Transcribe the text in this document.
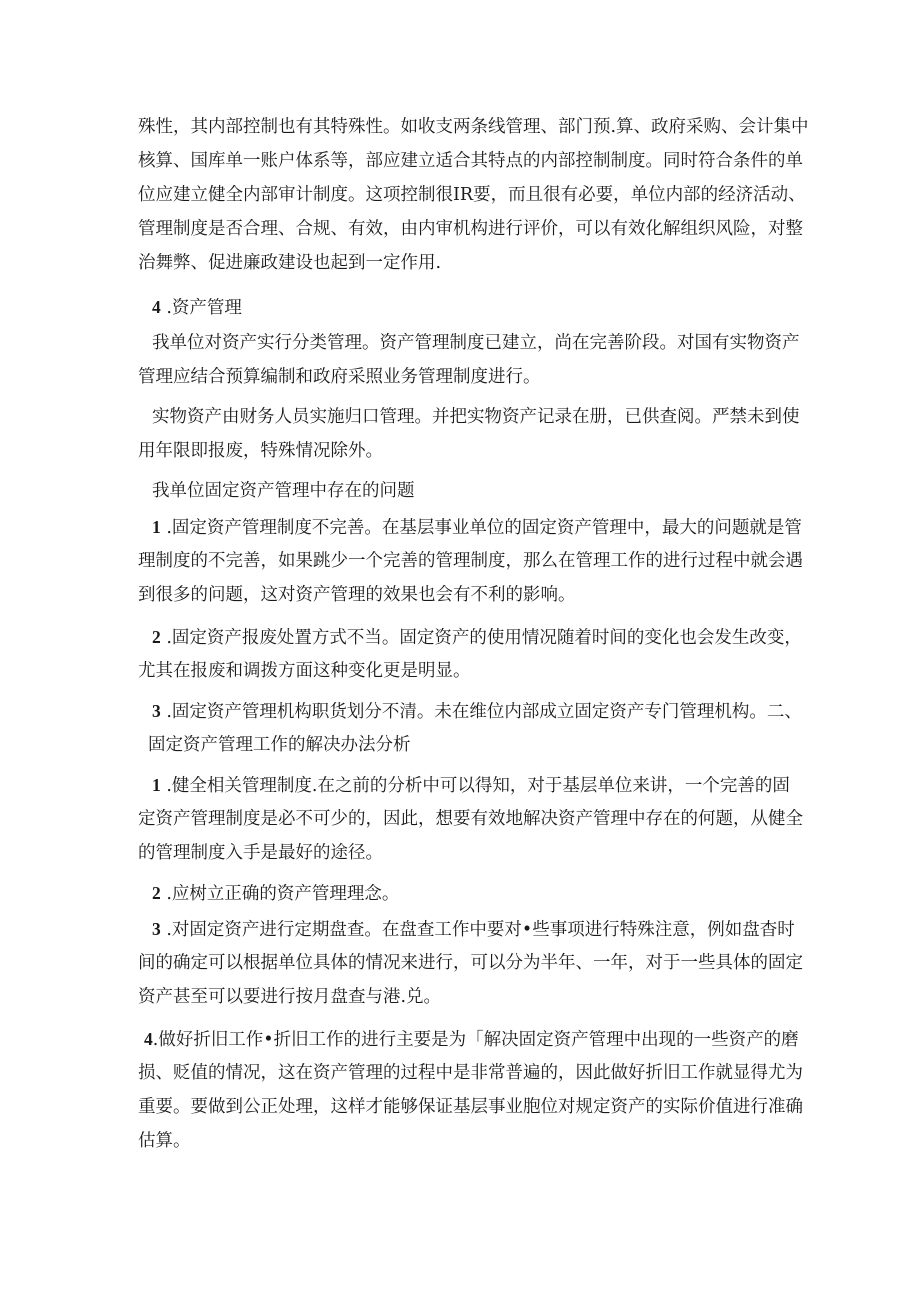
殊性，其内部控制也有其特殊性。如收支两条线管理、部门预.算、政府采购、会计集中
核算、国库单一账户体系等，部应建立适合其特点的内部控制制度。同时符合条件的单
位应建立健全内部审计制度。这项控制很IR要，而且很有必要，单位内部的经济活动、
管理制度是否合理、合规、有效，由内审机构进行评价，可以有效化解组织风险，对整
治舞弊、促进廉政建设也起到一定作用.
4 .资产管理
我单位对资产实行分类管理。资产管理制度已建立，尚在完善阶段。对国有实物资产
管理应结合预算编制和政府采照业务管理制度进行。
实物资产由财务人员实施归口管理。并把实物资产记录在册，已供查阅。严禁未到使
用年限即报废，特殊情况除外。
我单位固定资产管理中存在的问题
1 .固定资产管理制度不完善。在基层事业单位的固定资产管理中，最大的问题就是管
理制度的不完善，如果跳少一个完善的管理制度，那么在管理工作的进行过程中就会遇
到很多的问题，这对资产管理的效果也会有不利的影响。
2 .固定资产报废处置方式不当。固定资产的使用情况随着时间的变化也会发生改变，
尤其在报废和调拨方面这种变化更是明显。
3 .固定资产管理机构职货划分不清。未在维位内部成立固定资产专门管理机构。二、
固定资产管理工作的解决办法分析
1 .健全相关管理制度.在之前的分析中可以得知，对于基层单位来讲，一个完善的固
定资产管理制度是必不可少的，因此，想要有效地解决资产管理中存在的何题，从健全
的管理制度入手是最好的途径。
2 .应树立正确的资产管理理念。
3 .对固定资产进行定期盘查。在盘查工作中要对•些事项进行特殊注意，例如盘杳时
间的确定可以根据单位具体的情况来进行，可以分为半年、一年，对于一些具体的固定
资产甚至可以要进行按月盘查与港.兑。
4.做好折旧工作•折旧工作的进行主要是为「解决固定资产管理中出现的一些资产的磨
损、贬值的情况，这在资产管理的过程中是非常普遍的，因此做好折旧工作就显得尤为
重要。要做到公正处理，这样才能够保证基层事业胞位对规定资产的实际价值进行准确
估算。
